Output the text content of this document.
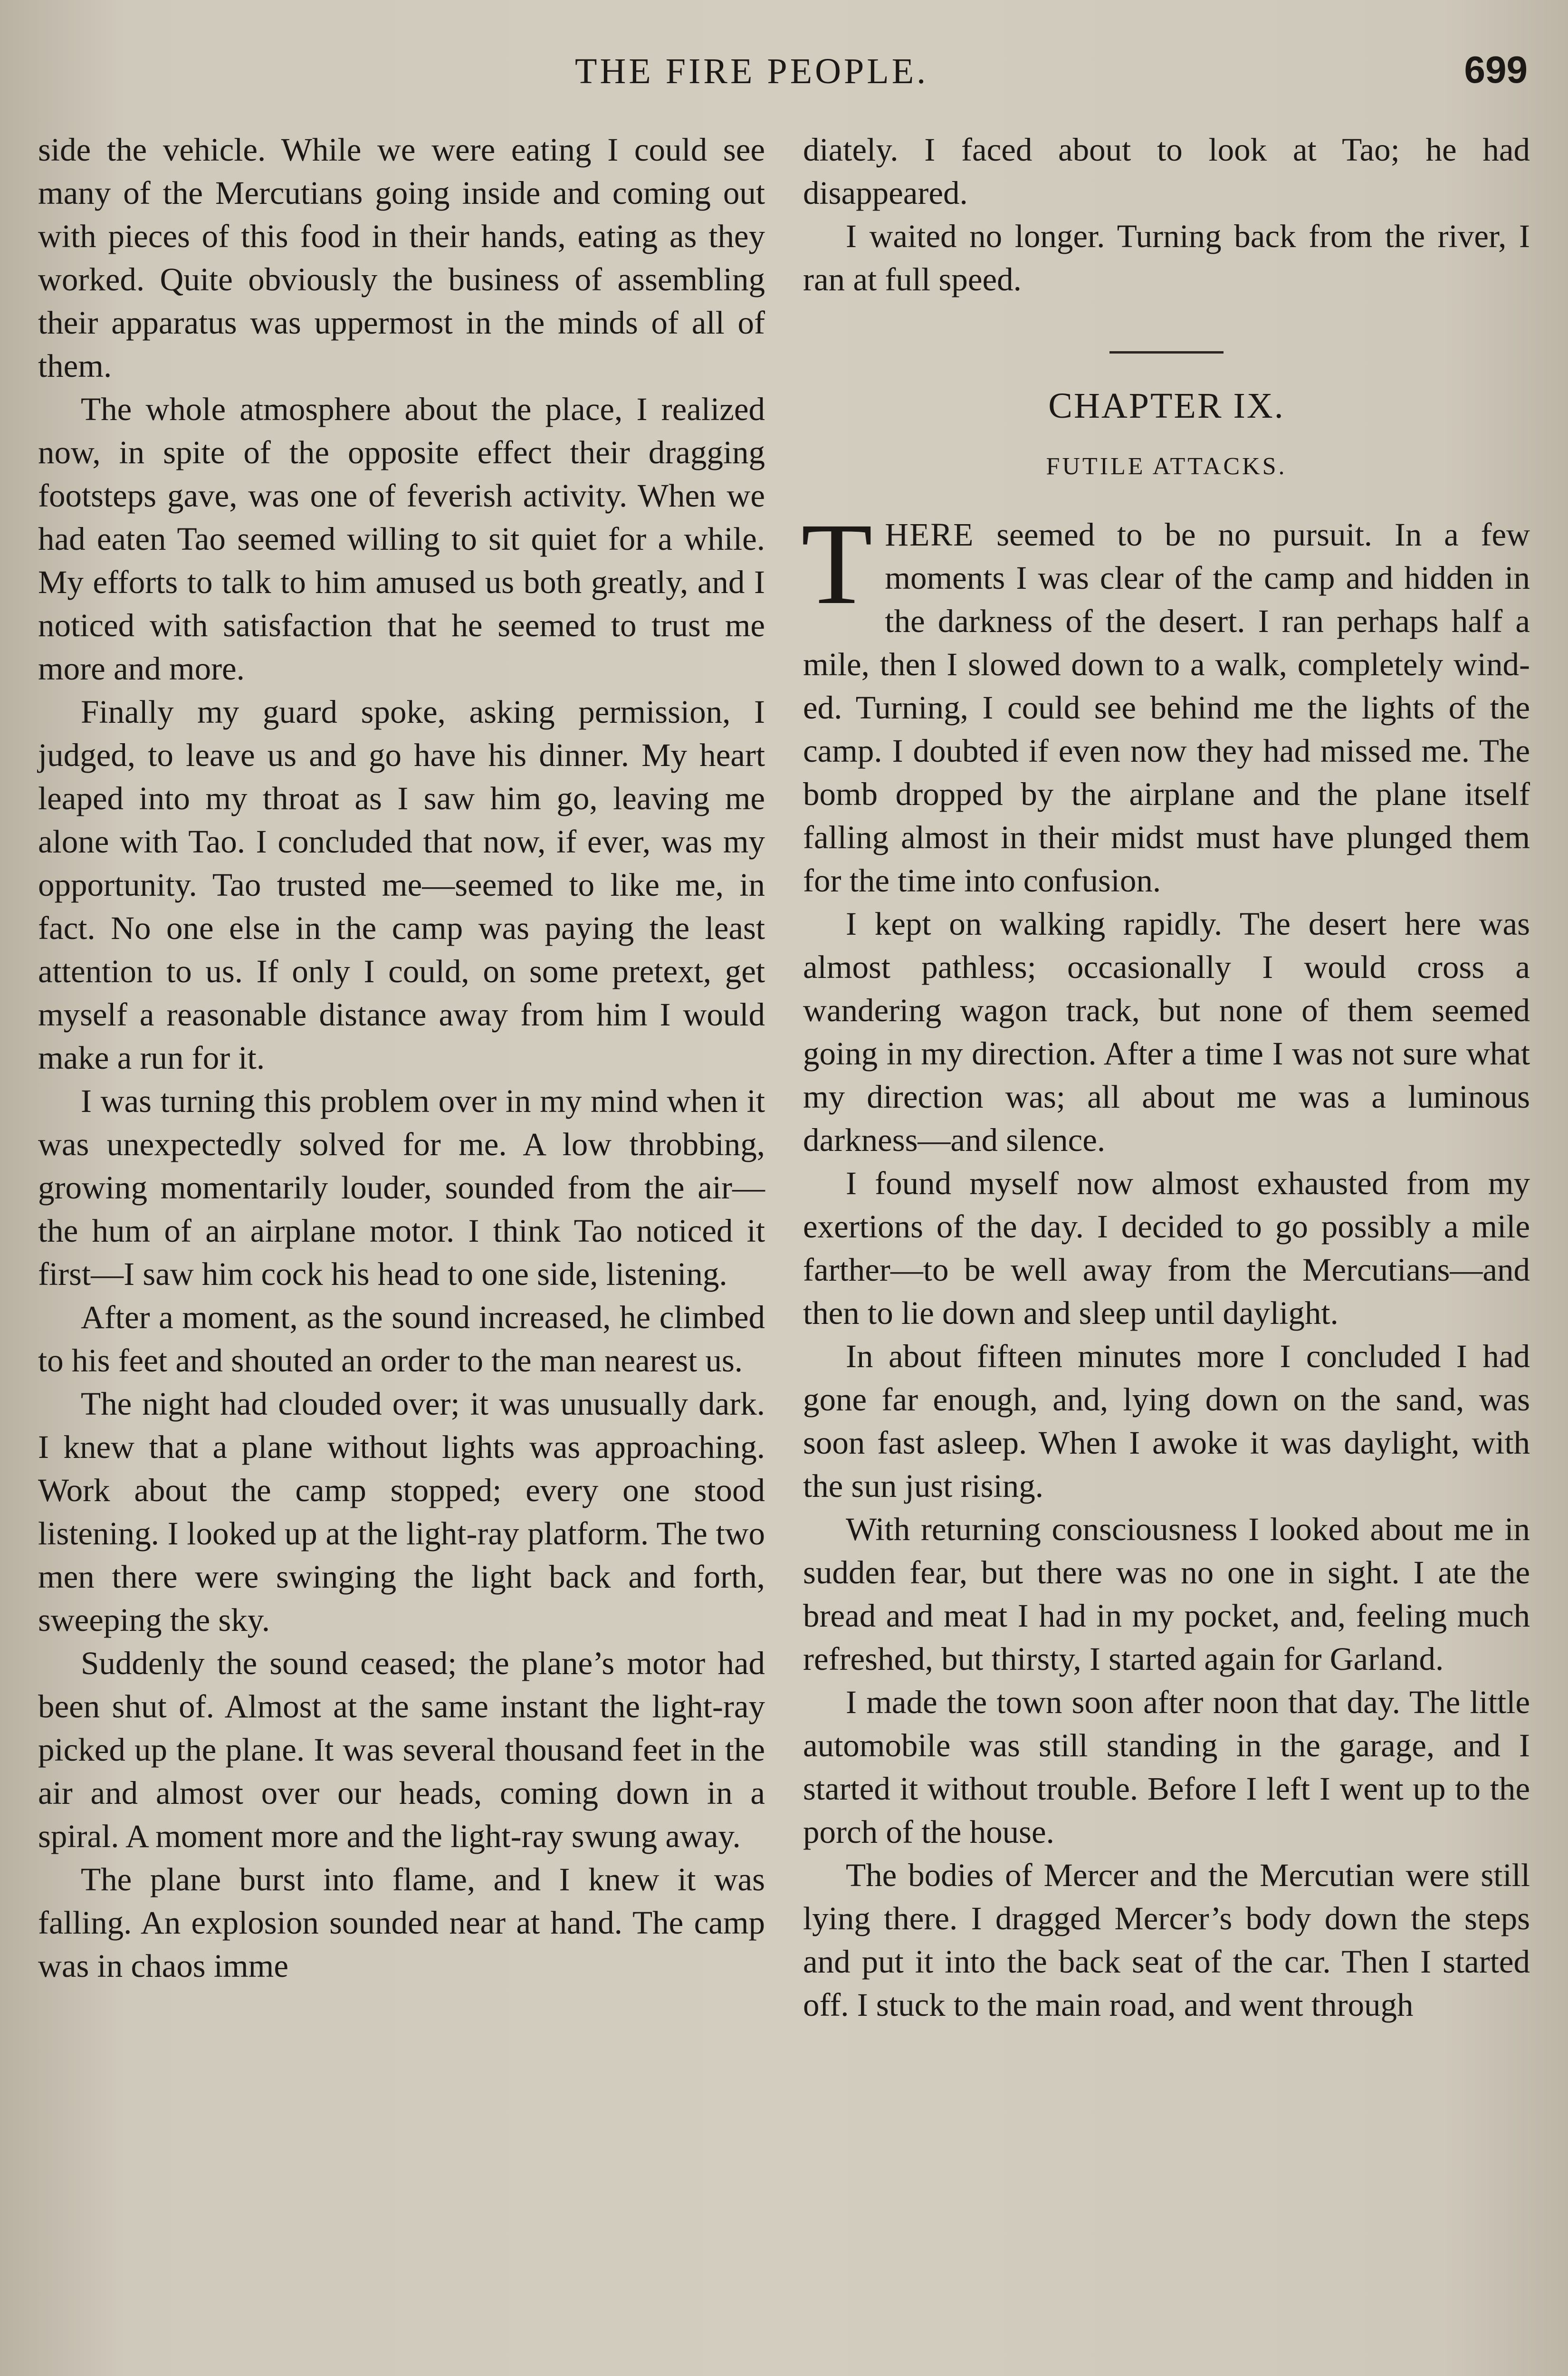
THE FIRE PEOPLE.	699

side the vehicle. While we were eating I could see many of the Mercutians going inside and coming out with pieces of this food in their hands, eating as they worked. Quite obviously the business of assembling their apparatus was uppermost in the minds of all of them.

The whole atmosphere about the place, I realized now, in spite of the opposite effect their dragging footsteps gave, was one of feverish activity. When we had eaten Tao seemed willing to sit quiet for a while. My efforts to talk to him amused us both greatly, and I noticed with satisfaction that he seemed to trust me more and more.

Finally my guard spoke, asking permission, I judged, to leave us and go have his dinner. My heart leaped into my throat as I saw him go, leaving me alone with Tao. I concluded that now, if ever, was my opportunity. Tao trusted me—seemed to like me, in fact. No one else in the camp was paying the least attention to us. If only I could, on some pretext, get myself a reasonable distance away from him I would make a run for it.

I was turning this problem over in my mind when it was unexpectedly solved for me. A low throbbing, growing momentarily louder, sounded from the air—the hum of an airplane motor. I think Tao noticed it first—I saw him cock his head to one side, listening.

After a moment, as the sound increased, he climbed to his feet and shouted an order to the man nearest us.

The night had clouded over; it was unusually dark. I knew that a plane without lights was approaching. Work about the camp stopped; every one stood listening. I looked up at the light-ray platform. The two men there were swinging the light back and forth, sweeping the sky.

Suddenly the sound ceased; the plane’s motor had been shut of. Almost at the same instant the light-ray picked up the plane. It was several thousand feet in the air and almost over our heads, coming down in a spiral. A moment more and the light-ray swung away.

The plane burst into flame, and I knew it was falling. An explosion sounded near at hand. The camp was in chaos imme

diately. I faced about to look at Tao; he had disappeared.

I waited no longer. Turning back from the river, I ran at full speed.

CHAPTER IX.
FUTILE ATTACKS.

THERE seemed to be no pursuit. In a few moments I was clear of the camp and hidden in the darkness of the desert. I ran perhaps half a mile, then I slowed down to a walk, completely winded. Turning, I could see behind me the lights of the camp. I doubted if even now they had missed me. The bomb dropped by the airplane and the plane itself falling almost in their midst must have plunged them for the time into confusion.

I kept on walking rapidly. The desert here was almost pathless; occasionally I would cross a wandering wagon track, but none of them seemed going in my direction. After a time I was not sure what my direction was; all about me was a luminous darkness—and silence.

I found myself now almost exhausted from my exertions of the day. I decided to go possibly a mile farther—to be well away from the Mercutians—and then to lie down and sleep until daylight.

In about fifteen minutes more I concluded I had gone far enough, and, lying down on the sand, was soon fast asleep. When I awoke it was daylight, with the sun just rising.

With returning consciousness I looked about me in sudden fear, but there was no one in sight. I ate the bread and meat I had in my pocket, and, feeling much refreshed, but thirsty, I started again for Garland.

I made the town soon after noon that day. The little automobile was still standing in the garage, and I started it without trouble. Before I left I went up to the porch of the house.

The bodies of Mercer and the Mercutian were still lying there. I dragged Mercer’s body down the steps and put it into the back seat of the car. Then I started off. I stuck to the main road, and went through
